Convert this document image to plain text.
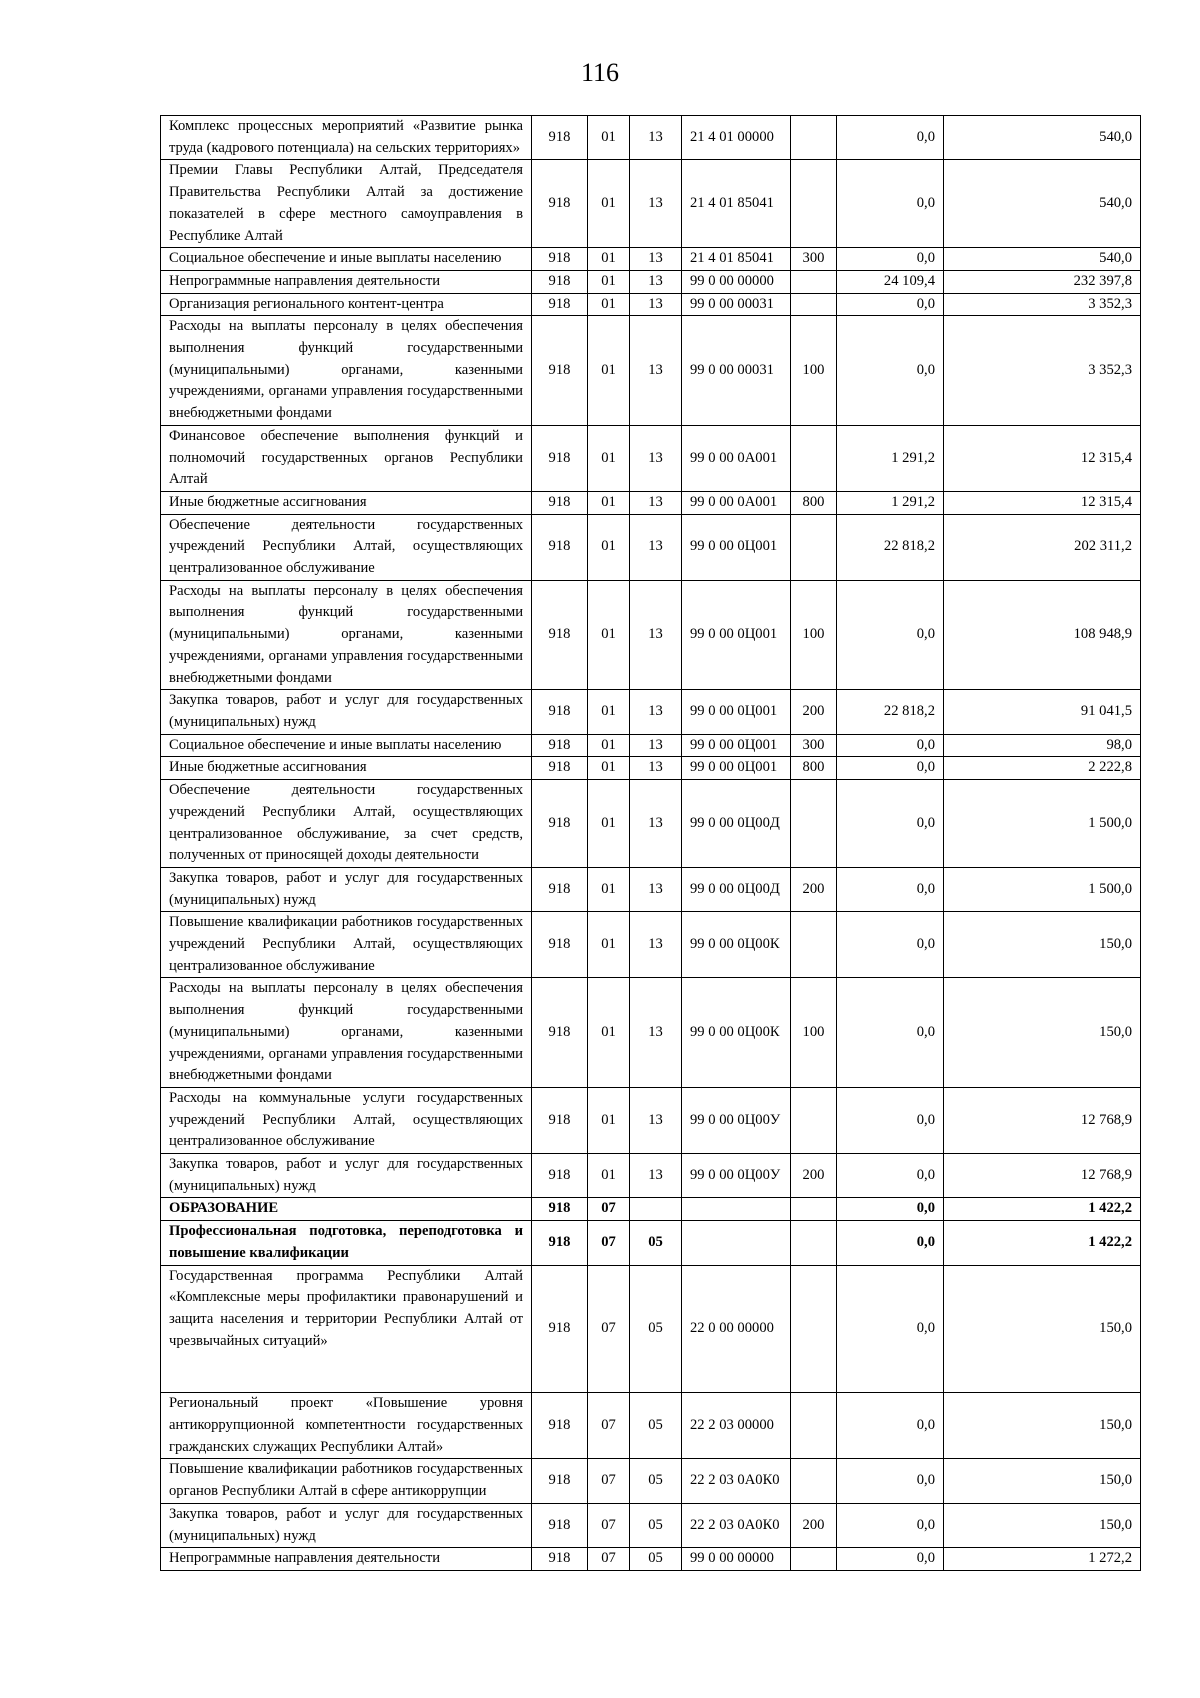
116
Комплекс процессных мероприятий «Развитие рынка труда (кадрового потенциала) на сельских территориях»	918	01	13	21 4 01 00000		0,0	540,0
Премии Главы Республики Алтай, Председателя Правительства Республики Алтай за достижение показателей в сфере местного самоуправления в Республике Алтай	918	01	13	21 4 01 85041		0,0	540,0
Социальное обеспечение и иные выплаты населению	918	01	13	21 4 01 85041	300	0,0	540,0
Непрограммные направления деятельности	918	01	13	99 0 00 00000		24 109,4	232 397,8
Организация регионального контент-центра	918	01	13	99 0 00 00031		0,0	3 352,3
Расходы на выплаты персоналу в целях обеспечения выполнения функций государственными (муниципальными) органами, казенными учреждениями, органами управления государственными внебюджетными фондами	918	01	13	99 0 00 00031	100	0,0	3 352,3
Финансовое обеспечение выполнения функций и полномочий государственных органов Республики Алтай	918	01	13	99 0 00 0А001		1 291,2	12 315,4
Иные бюджетные ассигнования	918	01	13	99 0 00 0А001	800	1 291,2	12 315,4
Обеспечение деятельности государственных учреждений Республики Алтай, осуществляющих централизованное обслуживание	918	01	13	99 0 00 0Ц001		22 818,2	202 311,2
Расходы на выплаты персоналу в целях обеспечения выполнения функций государственными (муниципальными) органами, казенными учреждениями, органами управления государственными внебюджетными фондами	918	01	13	99 0 00 0Ц001	100	0,0	108 948,9
Закупка товаров, работ и услуг для государственных (муниципальных) нужд	918	01	13	99 0 00 0Ц001	200	22 818,2	91 041,5
Социальное обеспечение и иные выплаты населению	918	01	13	99 0 00 0Ц001	300	0,0	98,0
Иные бюджетные ассигнования	918	01	13	99 0 00 0Ц001	800	0,0	2 222,8
Обеспечение деятельности государственных учреждений Республики Алтай, осуществляющих централизованное обслуживание, за счет средств, полученных от приносящей доходы деятельности	918	01	13	99 0 00 0Ц00Д		0,0	1 500,0
Закупка товаров, работ и услуг для государственных (муниципальных) нужд	918	01	13	99 0 00 0Ц00Д	200	0,0	1 500,0
Повышение квалификации работников государственных учреждений Республики Алтай, осуществляющих централизованное обслуживание	918	01	13	99 0 00 0Ц00К		0,0	150,0
Расходы на выплаты персоналу в целях обеспечения выполнения функций государственными (муниципальными) органами, казенными учреждениями, органами управления государственными внебюджетными фондами	918	01	13	99 0 00 0Ц00К	100	0,0	150,0
Расходы на коммунальные услуги государственных учреждений Республики Алтай, осуществляющих централизованное обслуживание	918	01	13	99 0 00 0Ц00У		0,0	12 768,9
Закупка товаров, работ и услуг для государственных (муниципальных) нужд	918	01	13	99 0 00 0Ц00У	200	0,0	12 768,9
ОБРАЗОВАНИЕ	918	07				0,0	1 422,2
Профессиональная подготовка, переподготовка и повышение квалификации	918	07	05			0,0	1 422,2
Государственная программа Республики Алтай «Комплексные меры профилактики правонарушений и защита населения и территории Республики Алтай от чрезвычайных ситуаций»	918	07	05	22 0 00 00000		0,0	150,0
Региональный проект «Повышение уровня антикоррупционной компетентности государственных гражданских служащих Республики Алтай»	918	07	05	22 2 03 00000		0,0	150,0
Повышение квалификации работников государственных органов Республики Алтай в сфере антикоррупции	918	07	05	22 2 03 0А0К0		0,0	150,0
Закупка товаров, работ и услуг для государственных (муниципальных) нужд	918	07	05	22 2 03 0А0К0	200	0,0	150,0
Непрограммные направления деятельности	918	07	05	99 0 00 00000		0,0	1 272,2
